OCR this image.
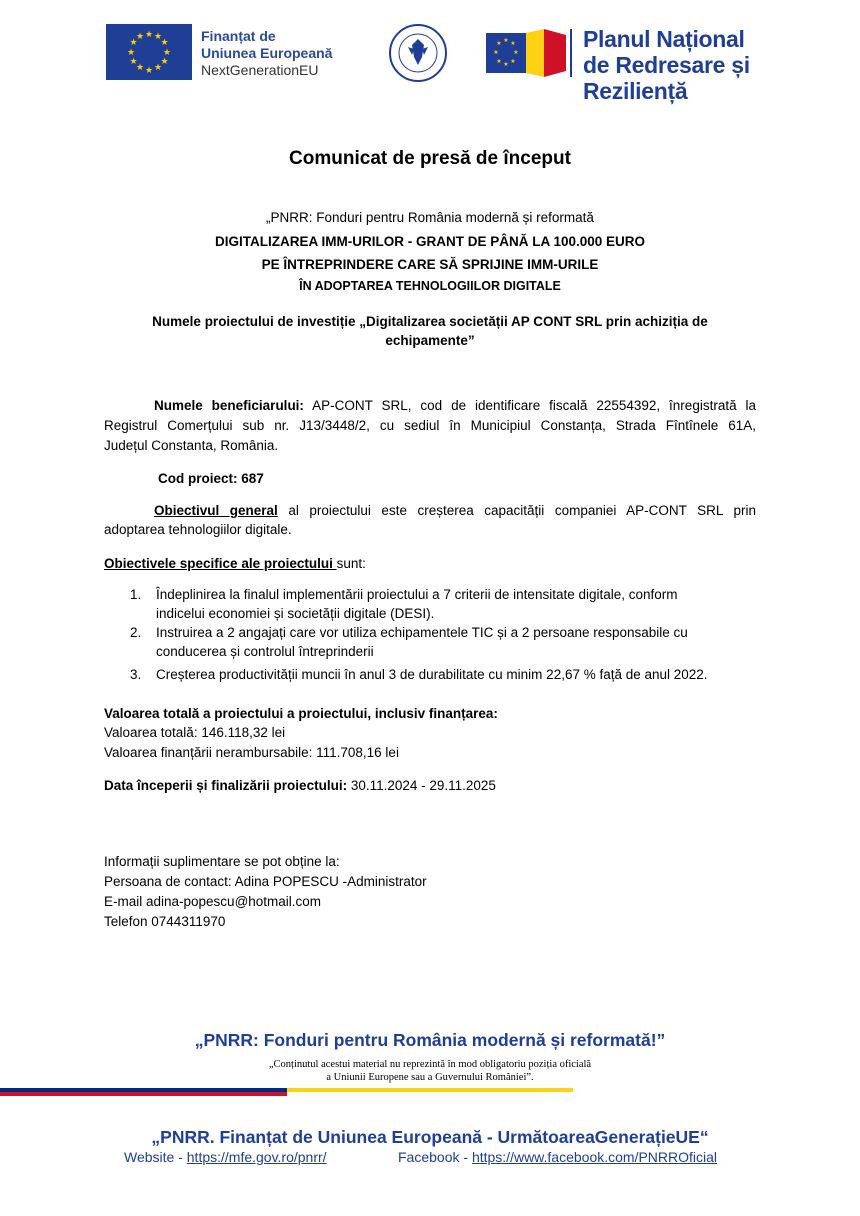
★ ★
★
★
★
★
★
★
★
★
★
★	Finanțat de
Uniunea Europeană
NextGenerationEU
★ ★
★
★
★
★
★
★	Planul Național
de Redresare și Reziliență
Comunicat de presă de început
„PNRR: Fonduri pentru România modernă și reformată
DIGITALIZAREA IMM-URILOR - GRANT DE PÂNĂ LA 100.000 EURO
PE ÎNTREPRINDERE CARE SĂ SPRIJINE IMM-URILE
ÎN ADOPTAREA TEHNOLOGIILOR DIGITALE
Numele proiectului de investiție „Digitalizarea societății AP CONT SRL prin achiziția de
echipamente”
Numele beneficiarului: AP-CONT SRL, cod de identificare fiscală 22554392, înregistrată la
Registrul Comerțului sub nr. J13/3448/2, cu sediul în Municipiul Constanța, Strada Fîntînele 61A,
Județul Constanta, România.
Cod proiect: 687
Obiectivul general al proiectului este creșterea capacității companiei AP-CONT SRL prin
adoptarea tehnologiilor digitale.
Obiectivele specifice ale proiectului sunt:
1. Îndeplinirea la finalul implementării proiectului a 7 criterii de intensitate digitale, conform
indicelui economiei și societății digitale (DESI).
2. Instruirea a 2 angajați care vor utiliza echipamentele TIC și a 2 persoane responsabile cu
conducerea și controlul întreprinderii
3. Creșterea productivității muncii în anul 3 de durabilitate cu minim 22,67 % față de anul 2022.
Valoarea totală a proiectului a proiectului, inclusiv finanțarea:
Valoarea totală: 146.118,32 lei
Valoarea finanțării nerambursabile: 111.708,16 lei
Data începerii și finalizării proiectului: 30.11.2024 - 29.11.2025
Informații suplimentare se pot obține la:
Persoana de contact: Adina POPESCU -Administrator
E-mail adina-popescu@hotmail.com
Telefon 0744311970
„PNRR: Fonduri pentru România modernă și reformată!”
„Conținutul acestui material nu reprezintă în mod obligatoriu poziția oficială
a Uniunii Europene sau a Guvernului României”.
„PNRR. Finanțat de Uniunea Europeană - UrmătoareaGenerațieUE“
Website - https://mfe.gov.ro/pnrr/	Facebook - https://www.facebook.com/PNRROficial
